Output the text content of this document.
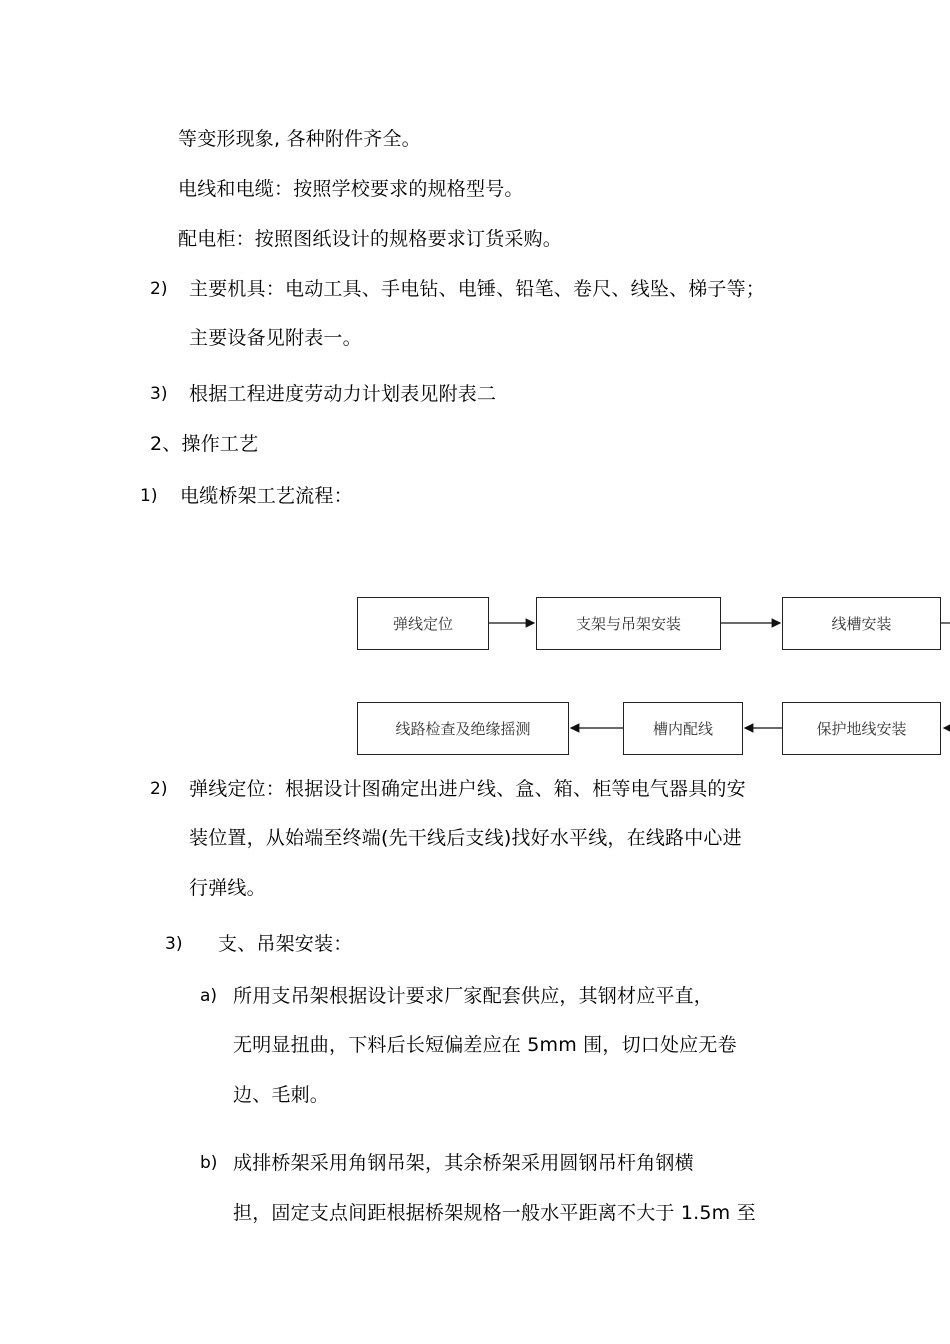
等变形现象, 各种附件齐全。
电线和电缆：按照学校要求的规格型号。
配电柜：按照图纸设计的规格要求订货采购。
2) 主要机具：电动工具、手电钻、电锤、铅笔、卷尺、线坠、梯子等；
主要设备见附表一。
3) 根据工程进度劳动力计划表见附表二
2、操作工艺
1) 电缆桥架工艺流程：
弹线定位	支架与吊架安装	线槽安装
保护地线安装
槽内配线
线路检查及绝缘摇测
2) 弹线定位：根据设计图确定出进户线、盒、箱、柜等电气器具的安
装位置，从始端至终端(先干线后支线)找好水平线，在线路中心进
行弹线。
3) 支、吊架安装：
a) 所用支吊架根据设计要求厂家配套供应，其钢材应平直，
无明显扭曲，下料后长短偏差应在 5mm 围，切口处应无卷
边、毛刺。
b) 成排桥架采用角钢吊架，其余桥架采用圆钢吊杆角钢横
担，固定支点间距根据桥架规格一般水平距离不大于 1.5m 至
